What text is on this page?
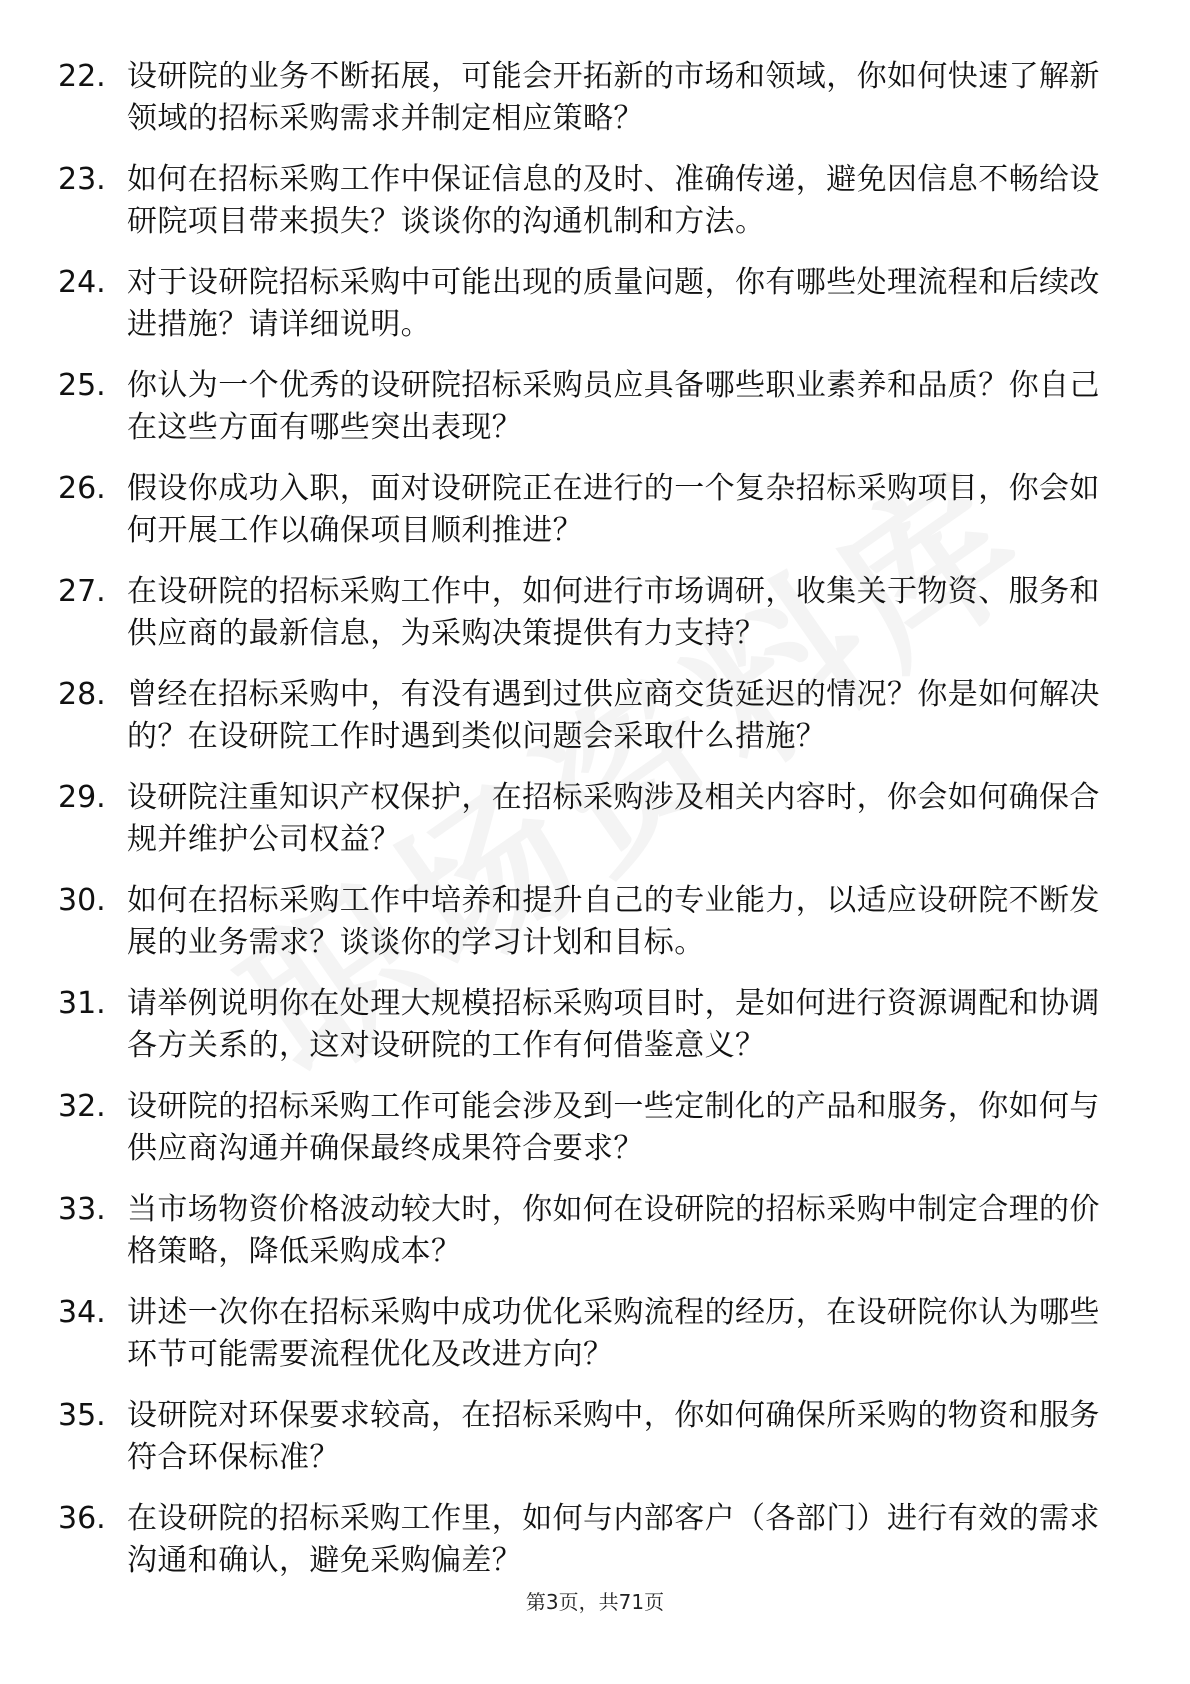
22. 设研院的业务不断拓展，可能会开拓新的市场和领域，你如何快速了解新领域的招标采购需求并制定相应策略？
23. 如何在招标采购工作中保证信息的及时、准确传递，避免因信息不畅给设研院项目带来损失？谈谈你的沟通机制和方法。
24. 对于设研院招标采购中可能出现的质量问题，你有哪些处理流程和后续改进措施？请详细说明。
25. 你认为一个优秀的设研院招标采购员应具备哪些职业素养和品质？你自己在这些方面有哪些突出表现？
26. 假设你成功入职，面对设研院正在进行的一个复杂招标采购项目，你会如何开展工作以确保项目顺利推进？
27. 在设研院的招标采购工作中，如何进行市场调研，收集关于物资、服务和供应商的最新信息，为采购决策提供有力支持？
28. 曾经在招标采购中，有没有遇到过供应商交货延迟的情况？你是如何解决的？在设研院工作时遇到类似问题会采取什么措施？
29. 设研院注重知识产权保护，在招标采购涉及相关内容时，你会如何确保合规并维护公司权益？
30. 如何在招标采购工作中培养和提升自己的专业能力，以适应设研院不断发展的业务需求？谈谈你的学习计划和目标。
31. 请举例说明你在处理大规模招标采购项目时，是如何进行资源调配和协调各方关系的，这对设研院的工作有何借鉴意义？
32. 设研院的招标采购工作可能会涉及到一些定制化的产品和服务，你如何与供应商沟通并确保最终成果符合要求？
33. 当市场物资价格波动较大时，你如何在设研院的招标采购中制定合理的价格策略，降低采购成本？
34. 讲述一次你在招标采购中成功优化采购流程的经历，在设研院你认为哪些环节可能需要流程优化及改进方向？
35. 设研院对环保要求较高，在招标采购中，你如何确保所采购的物资和服务符合环保标准？
36. 在设研院的招标采购工作里，如何与内部客户（各部门）进行有效的需求沟通和确认，避免采购偏差？
第3页，共71页
